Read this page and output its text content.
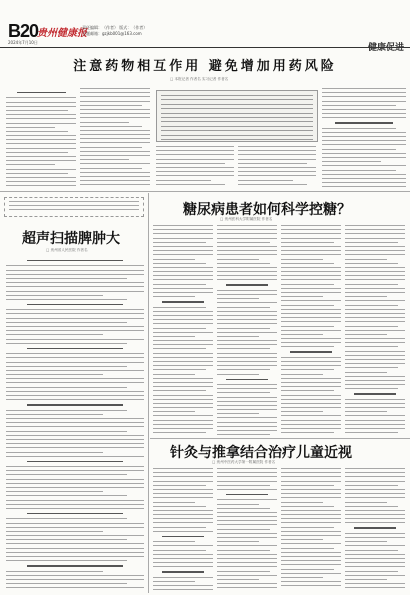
B20
贵州健康报
责任编辑：（作者） 版式：（作者）
主题邮箱：gzjkb001@163.com
2024年7月10日
注意药物相互作用 避免增加用药风险
□ 本报记者 作者名 实习记者 作者名
超声扫描脾肿大
□ 贵州省人民医院 作者名
糖尿病患者如何科学控糖？
□ 贵州医科大学附属医院 作者名
针灸与推拿结合治疗儿童近视
□ 贵州中医药大学第一附属医院 作者名
